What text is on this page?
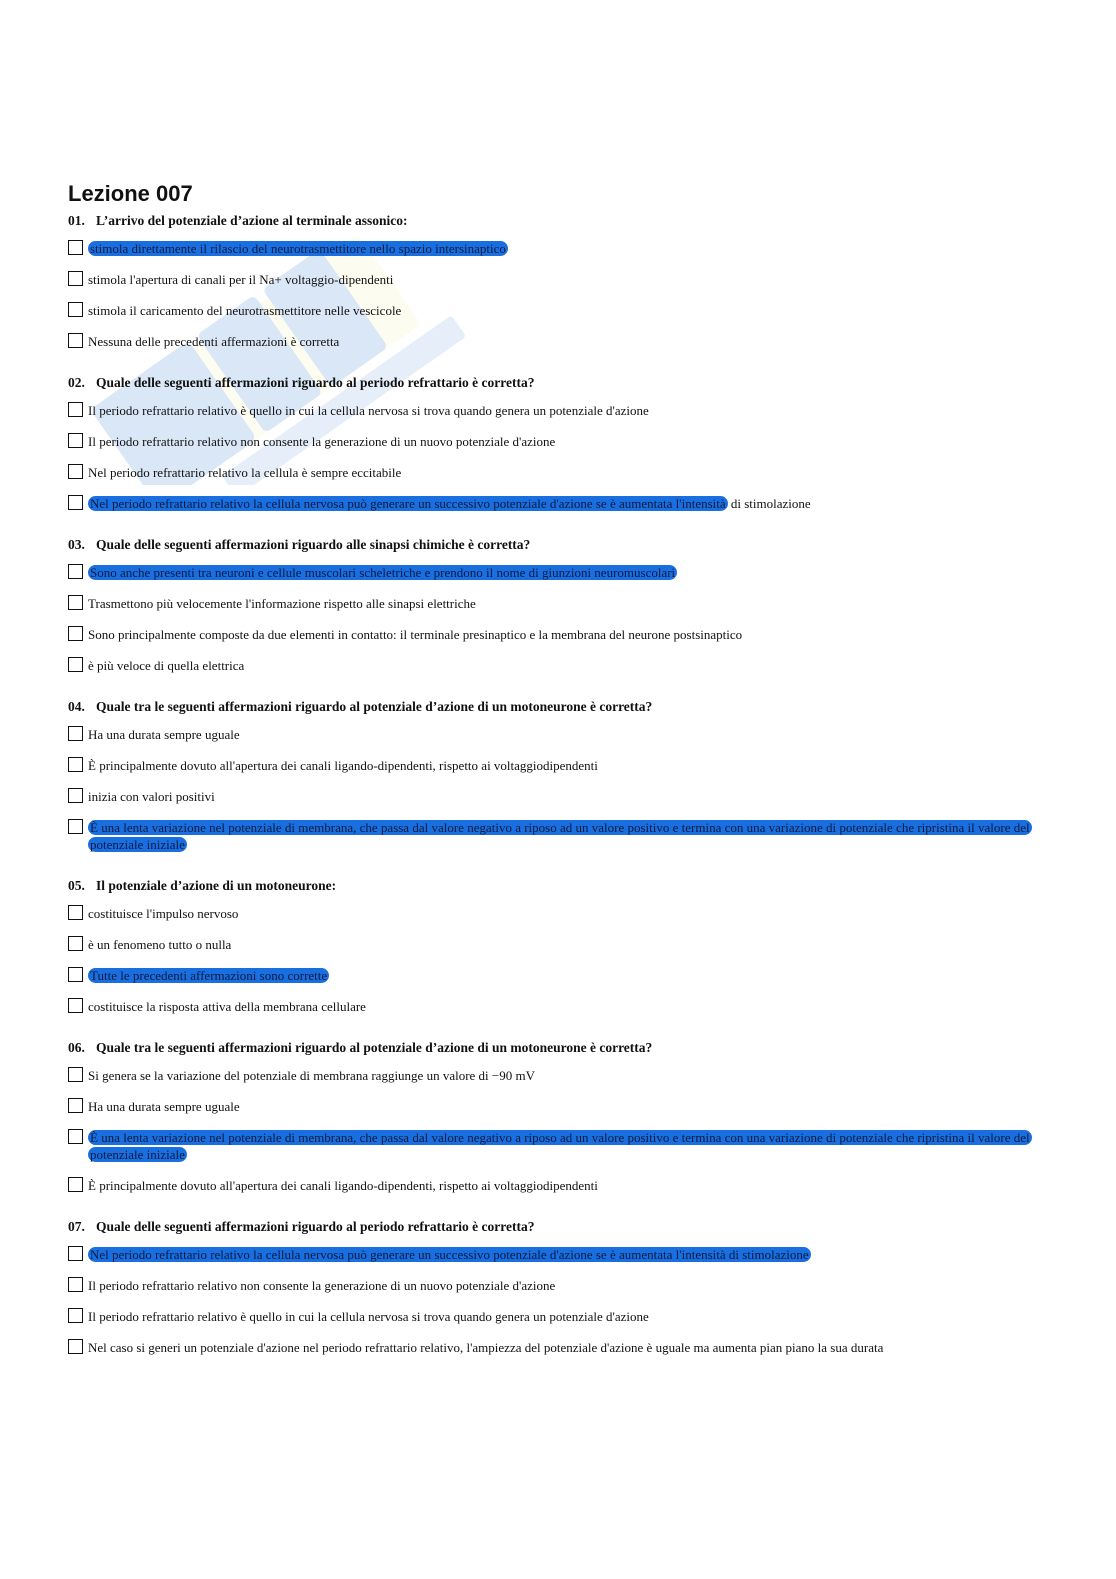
Lezione 007
01. L’arrivo del potenziale d’azione al terminale assonico:
stimola direttamente il rilascio del neurotrasmettitore nello spazio intersinaptico
stimola l'apertura di canali per il Na+ voltaggio-dipendenti
stimola il caricamento del neurotrasmettitore nelle vescicole
Nessuna delle precedenti affermazioni è corretta
02. Quale delle seguenti affermazioni riguardo al periodo refrattario è corretta?
Il periodo refrattario relativo è quello in cui la cellula nervosa si trova quando genera un potenziale d'azione
Il periodo refrattario relativo non consente la generazione di un nuovo potenziale d'azione
Nel periodo refrattario relativo la cellula è sempre eccitabile
Nel periodo refrattario relativo la cellula nervosa può generare un successivo potenziale d'azione se è aumentata l'intensità di stimolazione
03. Quale delle seguenti affermazioni riguardo alle sinapsi chimiche è corretta?
Sono anche presenti tra neuroni e cellule muscolari scheletriche e prendono il nome di giunzioni neuromuscolari
Trasmettono più velocemente l'informazione rispetto alle sinapsi elettriche
Sono principalmente composte da due elementi in contatto: il terminale presinaptico e la membrana del neurone postsinaptico
è più veloce di quella elettrica
04. Quale tra le seguenti affermazioni riguardo al potenziale d’azione di un motoneurone è corretta?
Ha una durata sempre uguale
È principalmente dovuto all'apertura dei canali ligando-dipendenti, rispetto ai voltaggiodipendenti
inizia con valori positivi
È una lenta variazione nel potenziale di membrana, che passa dal valore negativo a riposo ad un valore positivo e termina con una variazione di potenziale che ripristina il valore del potenziale iniziale
05. Il potenziale d’azione di un motoneurone:
costituisce l'impulso nervoso
è un fenomeno tutto o nulla
Tutte le precedenti affermazioni sono corrette
costituisce la risposta attiva della membrana cellulare
06. Quale tra le seguenti affermazioni riguardo al potenziale d’azione di un motoneurone è corretta?
Si genera se la variazione del potenziale di membrana raggiunge un valore di −90 mV
Ha una durata sempre uguale
È una lenta variazione nel potenziale di membrana, che passa dal valore negativo a riposo ad un valore positivo e termina con una variazione di potenziale che ripristina il valore del potenziale iniziale
È principalmente dovuto all'apertura dei canali ligando-dipendenti, rispetto ai voltaggiodipendenti
07. Quale delle seguenti affermazioni riguardo al periodo refrattario è corretta?
Nel periodo refrattario relativo la cellula nervosa può generare un successivo potenziale d'azione se è aumentata l'intensità di stimolazione
Il periodo refrattario relativo non consente la generazione di un nuovo potenziale d'azione
Il periodo refrattario relativo è quello in cui la cellula nervosa si trova quando genera un potenziale d'azione
Nel caso si generi un potenziale d'azione nel periodo refrattario relativo, l'ampiezza del potenziale d'azione è uguale ma aumenta pian piano la sua durata
